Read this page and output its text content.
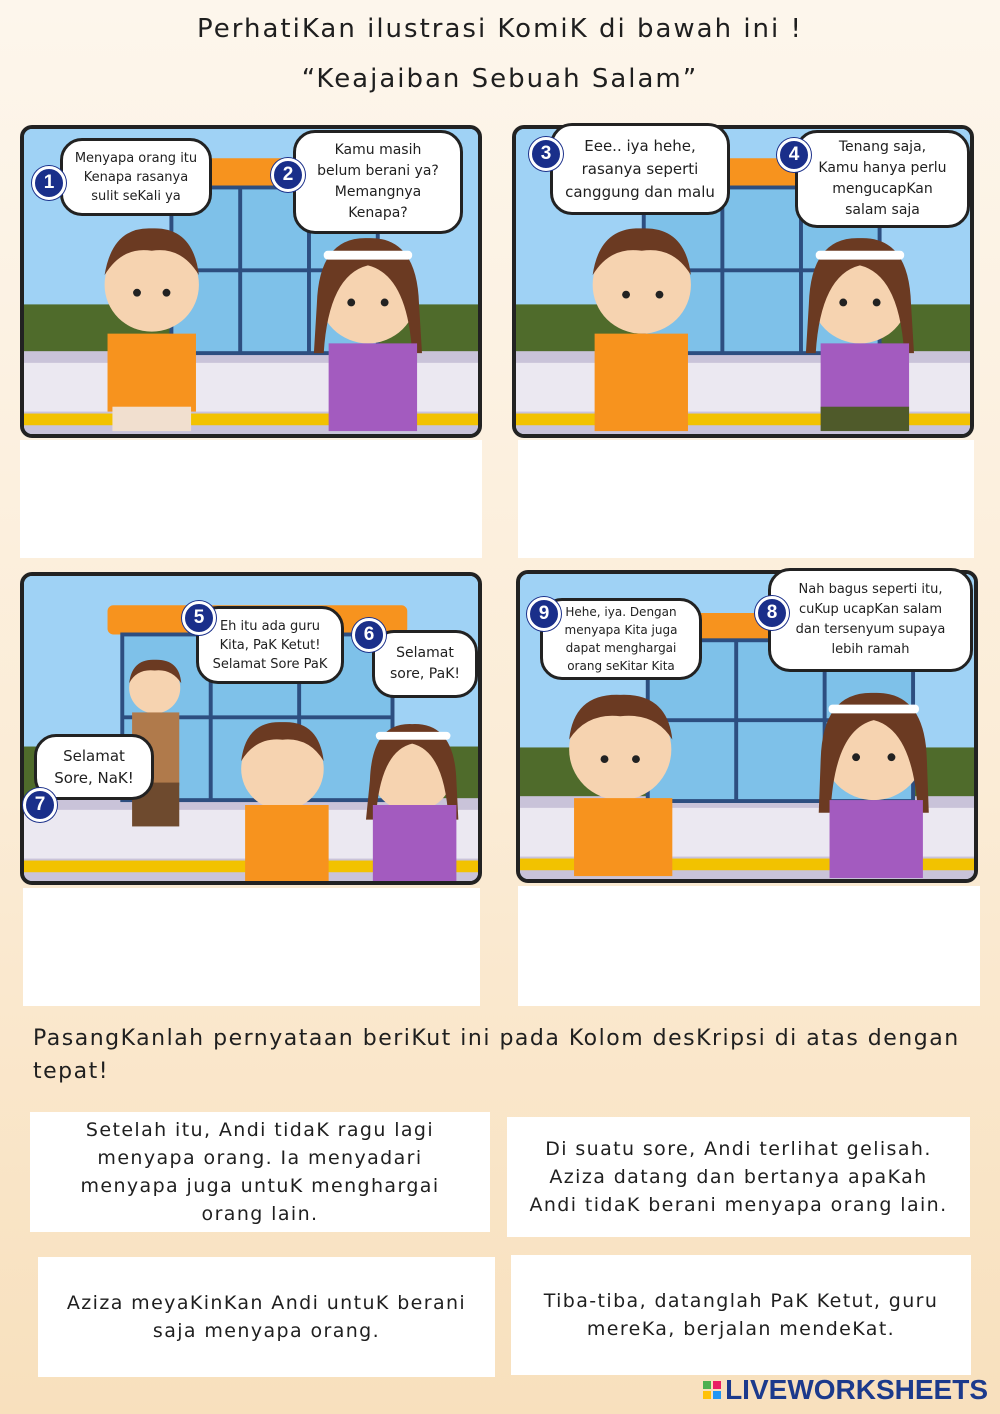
PerhatiKan ilustrasi KomiK di bawah ini !
“Keajaiban Sebuah Salam”
Menyapa orang itu
Kenapa rasanya
sulit seKali ya
1
Kamu masih
belum berani ya?
Memangnya
Kenapa?
2
Eee.. iya hehe,
rasanya seperti
canggung dan malu
3	Tenang saja,
Kamu hanya perlu
mengucapKan
salam saja
4
Eh itu ada guru
Kita, PaK Ketut!
Selamat Sore PaK
5
Selamat
sore, PaK!
6
Selamat
Sore, NaK!
7
Hehe, iya. Dengan
menyapa Kita juga
dapat menghargai
orang seKitar Kita
9
Nah bagus seperti itu,
cuKup ucapKan salam
dan tersenyum supaya
lebih ramah
8
PasangKanlah pernyataan beriKut ini pada Kolom desKripsi di atas dengan tepat!
Setelah itu, Andi tidaK ragu lagi menyapa orang. Ia menyadari menyapa juga untuK menghargai orang lain.
Di suatu sore, Andi terlihat gelisah. Aziza datang dan bertanya apaKah Andi tidaK berani menyapa orang lain.
Aziza meyaKinKan Andi untuK berani saja menyapa orang.
Tiba-tiba, datanglah PaK Ketut, guru mereKa, berjalan mendeKat.
LIVEWORKSHEETS
